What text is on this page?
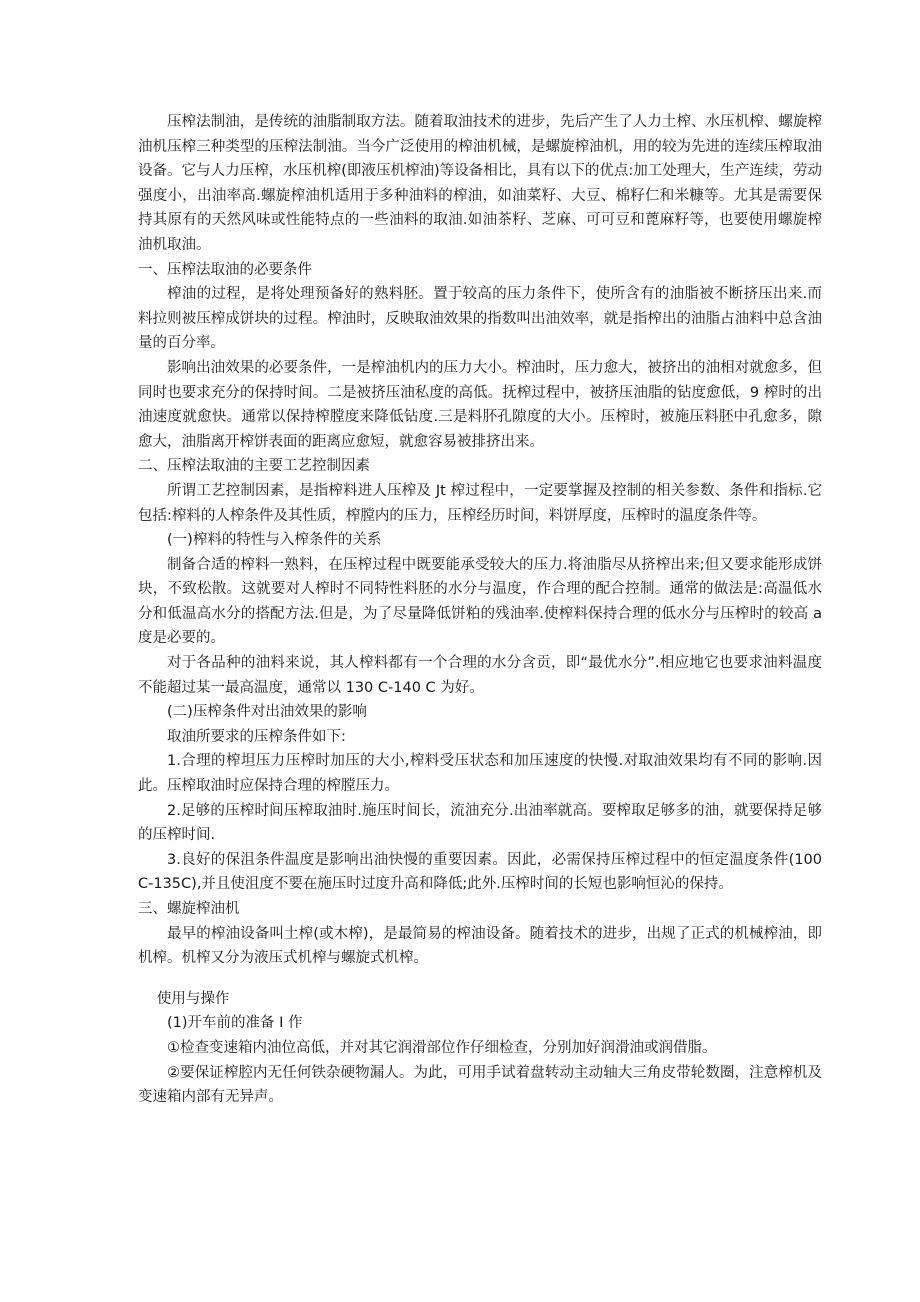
压榨法制油，是传统的油脂制取方法。随着取油技术的进步，先后产生了人力土榨、水压机榨、螺旋榨油机压榨三种类型的压榨法制油。当今广泛使用的榨油机械，是螺旋榨油机，用的较为先进的连续压榨取油设备。它与人力压榨，水压机榨(即液压机榨油)等设备相比，具有以下的优点:加工处理大，生产连续，劳动强度小，出油率高.螺旋榨油机适用于多种油料的榨油，如油菜籽、大豆、棉籽仁和米糠等。尤其是需要保持其原有的天然风味或性能特点的一些油料的取油.如油茶籽、芝麻、可可豆和蓖麻籽等，也要使用螺旋榨油机取油。

一、压榨法取油的必要条件

榨油的过程，是将处理预备好的熟料胚。置于较高的压力条件下，使所含有的油脂被不断挤压出来.而料拉则被压榨成饼块的过程。榨油时，反映取油效果的指数叫出油效率，就是指榨出的油脂占油料中总含油量的百分率。

影响出油效果的必要条件，一是榨油机内的压力大小。榨油时，压力愈大，被挤出的油相对就愈多，但同时也要求充分的保持时间。二是被挤压油私度的高低。抚榨过程中，被挤压油脂的钻度愈低，9 榨时的出油速度就愈快。通常以保持榨膛度来降低钻度.三是料肧孔隙度的大小。压榨时，被施压料胚中孔愈多，隙愈大，油脂离开榨饼表面的距离应愈短，就愈容易被排挤出来。

二、压榨法取油的主要工艺控制因素

所谓工艺控制因素，是指榨料进人压榨及 Jt 榨过程中，一定要掌握及控制的相关参数、条件和指标.它包括:榨料的人榨条件及其性质，榨膛内的压力，压榨经历时间，料饼厚度，压榨时的温度条件等。

(一)榨料的特性与入榨条件的关系

制备合适的榨料一熟料，在压榨过程中既要能承受较大的压力.将油脂尽从挤榨出来;但又要求能形成饼块，不致松散。这就要对人榨时不同特性料胚的水分与温度，作合理的配合控制。通常的做法是:高温低水分和低温高水分的搭配方法.但是，为了尽量降低饼粕的残油率.使榨料保持合理的低水分与压榨时的较高 a 度是必要的。

对于各品种的油料来说，其人榨料都有一个合理的水分含贡，即“最优水分”.相应地它也要求油料温度不能超过某一最高温度，通常以 130 C-140 C 为好。

(二)压榨条件对出油效果的影响

取油所要求的压榨条件如下:

1.合理的榨坦压力压榨时加压的大小,榨料受压状态和加压速度的快慢.对取油效果均有不同的影响.因此。压榨取油时应保持合理的榨膛压力。

2.足够的压榨时间压榨取油时.施压时间长，流油充分.出油率就高。要榨取足够多的油，就要保持足够的压榨时间.

3.良好的保沮条件温度是影响出油快慢的重要因素。因此，必需保持压榨过程中的恒定温度条件(100 C-135C),并且使沮度不要在施压时过度升高和降低;此外.压榨时间的长短也影响恒沁的保持。

三、螺旋榨油机

最早的榨油设备叫土榨(或木榨)，是最简易的榨油设备。随着技术的进步，出规了正式的机械榨油，即机榨。机榨又分为液压式机榨与螺旋式机榨。

使用与操作

(1)开车前的准备 I 作

①检查变速箱内油位高低，并对其它润滑部位作仔细检查，分别加好润滑油或润借脂。

②要保证榨腔内无任何铁杂硬物漏人。为此，可用手试着盘转动主动轴大三角皮带轮数圈，注意榨机及变速箱内部有无异声。
